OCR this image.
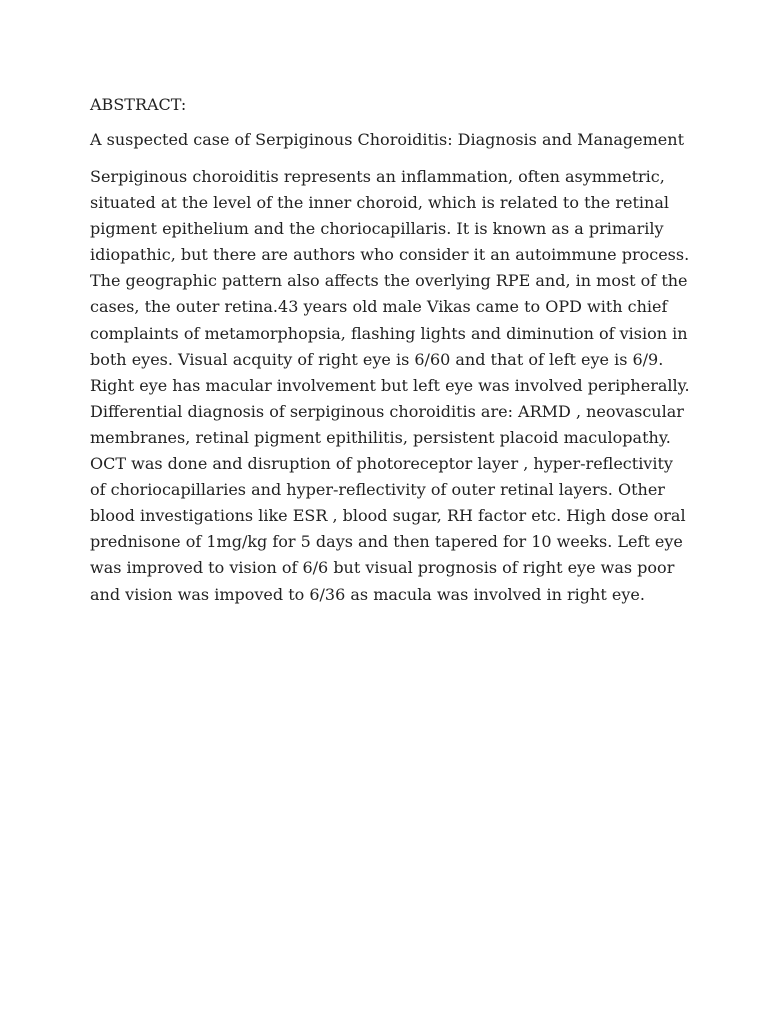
ABSTRACT:

A suspected case of Serpiginous Choroiditis: Diagnosis and Management

Serpiginous choroiditis represents an inflammation, often asymmetric, situated at the level of the inner choroid, which is related to the retinal pigment epithelium and the choriocapillaris. It is known as a primarily idiopathic, but there are authors who consider it an autoimmune process. The geographic pattern also affects the overlying RPE and, in most of the cases, the outer retina.43 years old male Vikas came to OPD with chief complaints of metamorphopsia, flashing lights and diminution of vision in both eyes. Visual acquity of right eye is 6/60 and that of left eye is 6/9. Right eye has macular involvement but left eye was involved peripherally. Differential diagnosis of serpiginous choroiditis are: ARMD , neovascular membranes, retinal pigment epithilitis, persistent placoid maculopathy. OCT was done and disruption of photoreceptor layer , hyper-reflectivity of choriocapillaries and hyper-reflectivity of outer retinal layers. Other blood investigations like ESR , blood sugar, RH factor etc. High dose oral prednisone of 1mg/kg for 5 days and then tapered for 10 weeks. Left eye was improved to vision of 6/6 but visual prognosis of right eye was poor and vision was impoved to 6/36 as macula was involved in right eye.
